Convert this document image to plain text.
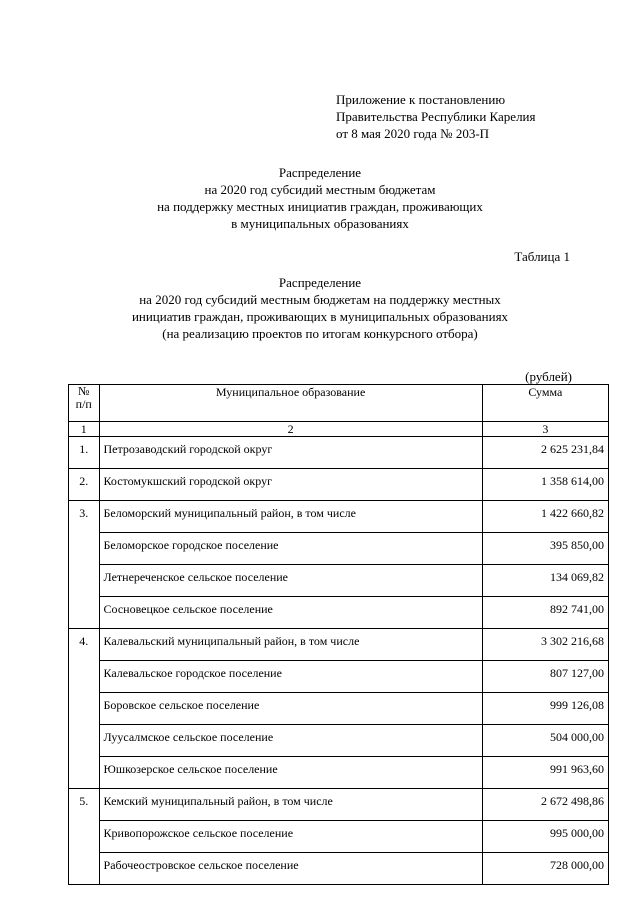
Приложение к постановлению
Правительства Республики Карелия
от 8 мая 2020 года № 203-П
Распределение
на 2020 год субсидий местным бюджетам
на поддержку местных инициатив граждан, проживающих
в муниципальных образованиях
Таблица 1
Распределение
на 2020 год субсидий местным бюджетам на поддержку местных
инициатив граждан, проживающих в муниципальных образованиях
(на реализацию проектов по итогам конкурсного отбора)
(рублей)
№
п/п	Муниципальное образование	Сумма
1	2	3
1.	Петрозаводский городской округ	2 625 231,84
2.	Костомукшский городской округ	1 358 614,00
3.	Беломорский муниципальный район, в том числе	1 422 660,82
	Беломорское городское поселение	395 850,00
	Летнереченское сельское поселение	134 069,82
	Сосновецкое сельское поселение	892 741,00
4.	Калевальский муниципальный район, в том числе	3 302 216,68
	Калевальское городское поселение	807 127,00
	Боровское сельское поселение	999 126,08
	Луусалмское сельское поселение	504 000,00
	Юшкозерское сельское поселение	991 963,60
5.	Кемский муниципальный район, в том числе	2 672 498,86
	Кривопорожское сельское поселение	995 000,00
	Рабочеостровское сельское поселение	728 000,00
